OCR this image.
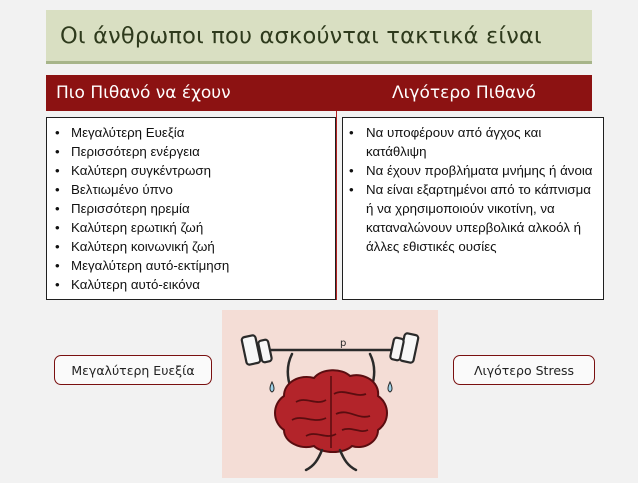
Οι άνθρωποι που ασκούνται τακτικά είναι
Πιο Πιθανό να έχουν	Λιγότερο Πιθανό
• Μεγαλύτερη Ευεξία
• Περισσότερη ενέργεια
• Καλύτερη συγκέντρωση
• Βελτιωμένο ύπνο
• Περισσότερη ηρεμία
• Καλύτερη ερωτική ζωή
• Καλύτερη κοινωνική ζωή
• Μεγαλύτερη αυτό-εκτίμηση
• Καλύτερη αυτό-εικόνα
• Να υποφέρουν από άγχος και κατάθλιψη
• Να έχουν προβλήματα μνήμης ή άνοια
• Να είναι εξαρτημένοι από το κάπνισμα ή να χρησιμοποιούν νικοτίνη, να καταναλώνουν υπερβολικά αλκοόλ ή άλλες εθιστικές ουσίες
p
Μεγαλύτερη Ευεξία	Λιγότερο Stress
